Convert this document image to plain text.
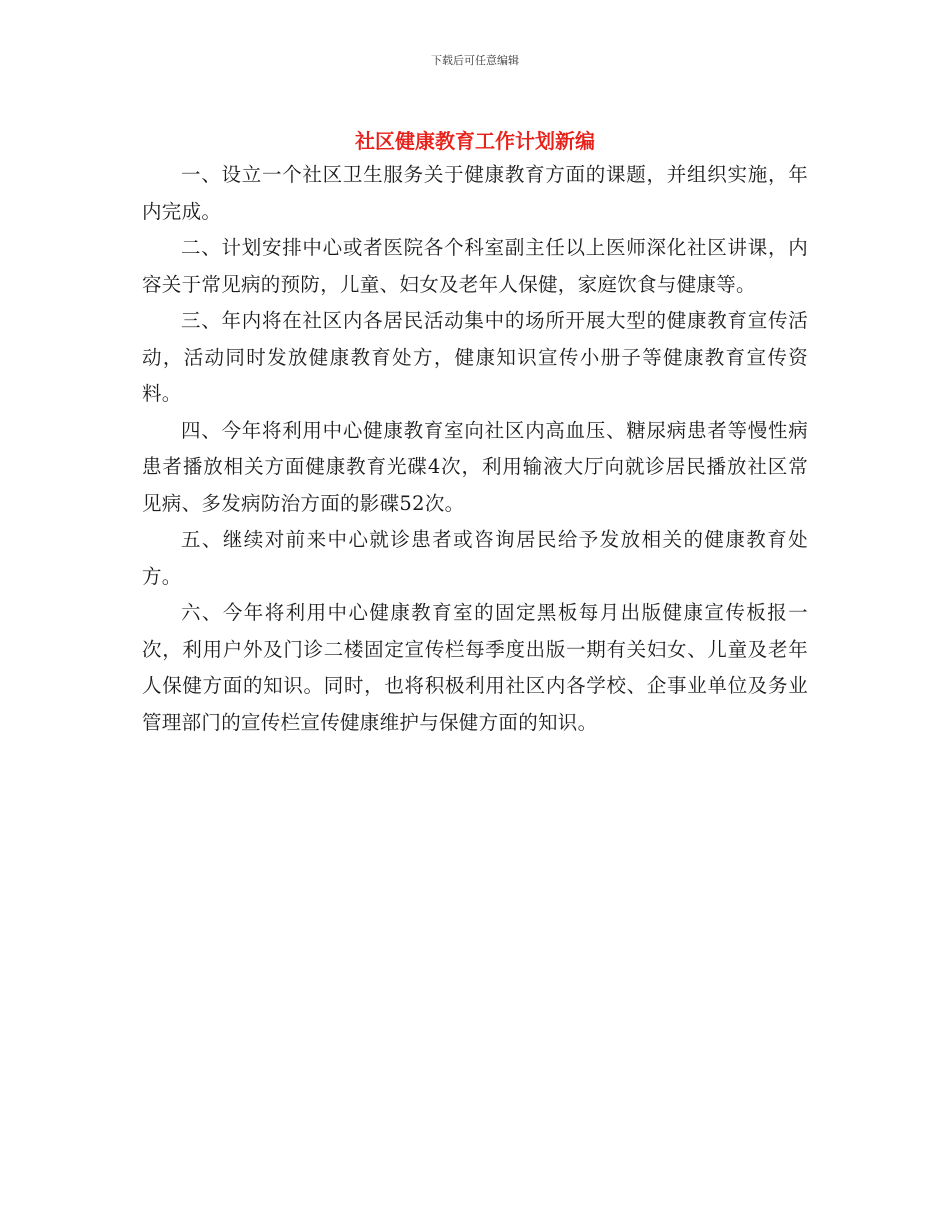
下载后可任意编辑
社区健康教育工作计划新编

一、设立一个社区卫生服务关于健康教育方面的课题，并组织实施，年内完成。

二、计划安排中心或者医院各个科室副主任以上医师深化社区讲课，内容关于常见病的预防，儿童、妇女及老年人保健，家庭饮食与健康等。

三、年内将在社区内各居民活动集中的场所开展大型的健康教育宣传活动，活动同时发放健康教育处方，健康知识宣传小册子等健康教育宣传资料。

四、今年将利用中心健康教育室向社区内高血压、糖尿病患者等慢性病患者播放相关方面健康教育光碟4次，利用输液大厅向就诊居民播放社区常见病、多发病防治方面的影碟52次。

五、继续对前来中心就诊患者或咨询居民给予发放相关的健康教育处方。

六、今年将利用中心健康教育室的固定黑板每月出版健康宣传板报一次，利用户外及门诊二楼固定宣传栏每季度出版一期有关妇女、儿童及老年人保健方面的知识。同时，也将积极利用社区内各学校、企事业单位及务业管理部门的宣传栏宣传健康维护与保健方面的知识。
